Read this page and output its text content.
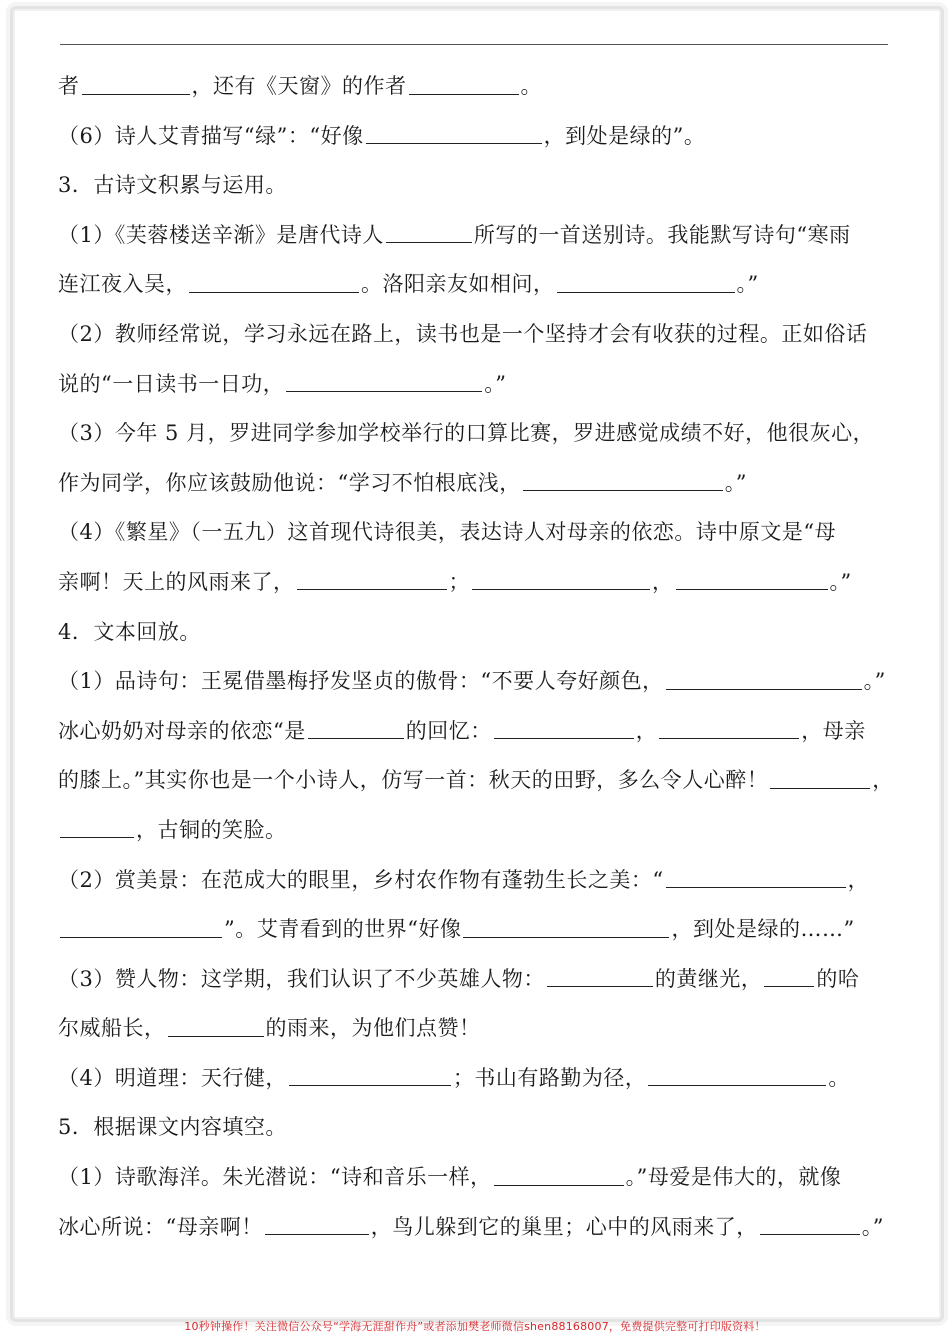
者	，还有《天窗》的作者	。
（6）诗人艾青描写“绿”：“好像	，到处是绿的”。
3．古诗文积累与运用。
（1）《芙蓉楼送辛渐》是唐代诗人	所写的一首送别诗。我能默写诗句“寒雨
连江夜入吴，	。洛阳亲友如相问，	。”
（2）教师经常说，学习永远在路上，读书也是一个坚持才会有收获的过程。正如俗话
说的“一日读书一日功，	。”
（3）今年 5 月，罗进同学参加学校举行的口算比赛，罗进感觉成绩不好，他很灰心，
作为同学，你应该鼓励他说：“学习不怕根底浅，	。”
（4）《繁星》（一五九）这首现代诗很美，表达诗人对母亲的依恋。诗中原文是“母
亲啊！天上的风雨来了，	；	，	。”
4．文本回放。
（1）品诗句：王冕借墨梅抒发坚贞的傲骨：“不要人夸好颜色，	。”
冰心奶奶对母亲的依恋“是	的回忆：	，	，母亲
的膝上。”其实你也是一个小诗人，仿写一首：秋天的田野，多么令人心醉！	，
，古铜的笑脸。
（2）赏美景：在范成大的眼里，乡村农作物有蓬勃生长之美：“	，
”。艾青看到的世界“好像	，到处是绿的……”
（3）赞人物：这学期，我们认识了不少英雄人物：	的黄继光，	的哈
尔威船长，	的雨来，为他们点赞！
（4）明道理：天行健，	；书山有路勤为径，	。
5．根据课文内容填空。
（1）诗歌海洋。朱光潜说：“诗和音乐一样，	。”母爱是伟大的，就像
冰心所说：“母亲啊！	，鸟儿躲到它的巢里；心中的风雨来了，	。”
10秒钟操作！关注微信公众号“学海无涯甜作舟”或者添加樊老师微信shen88168007，免费提供完整可打印版资料！
